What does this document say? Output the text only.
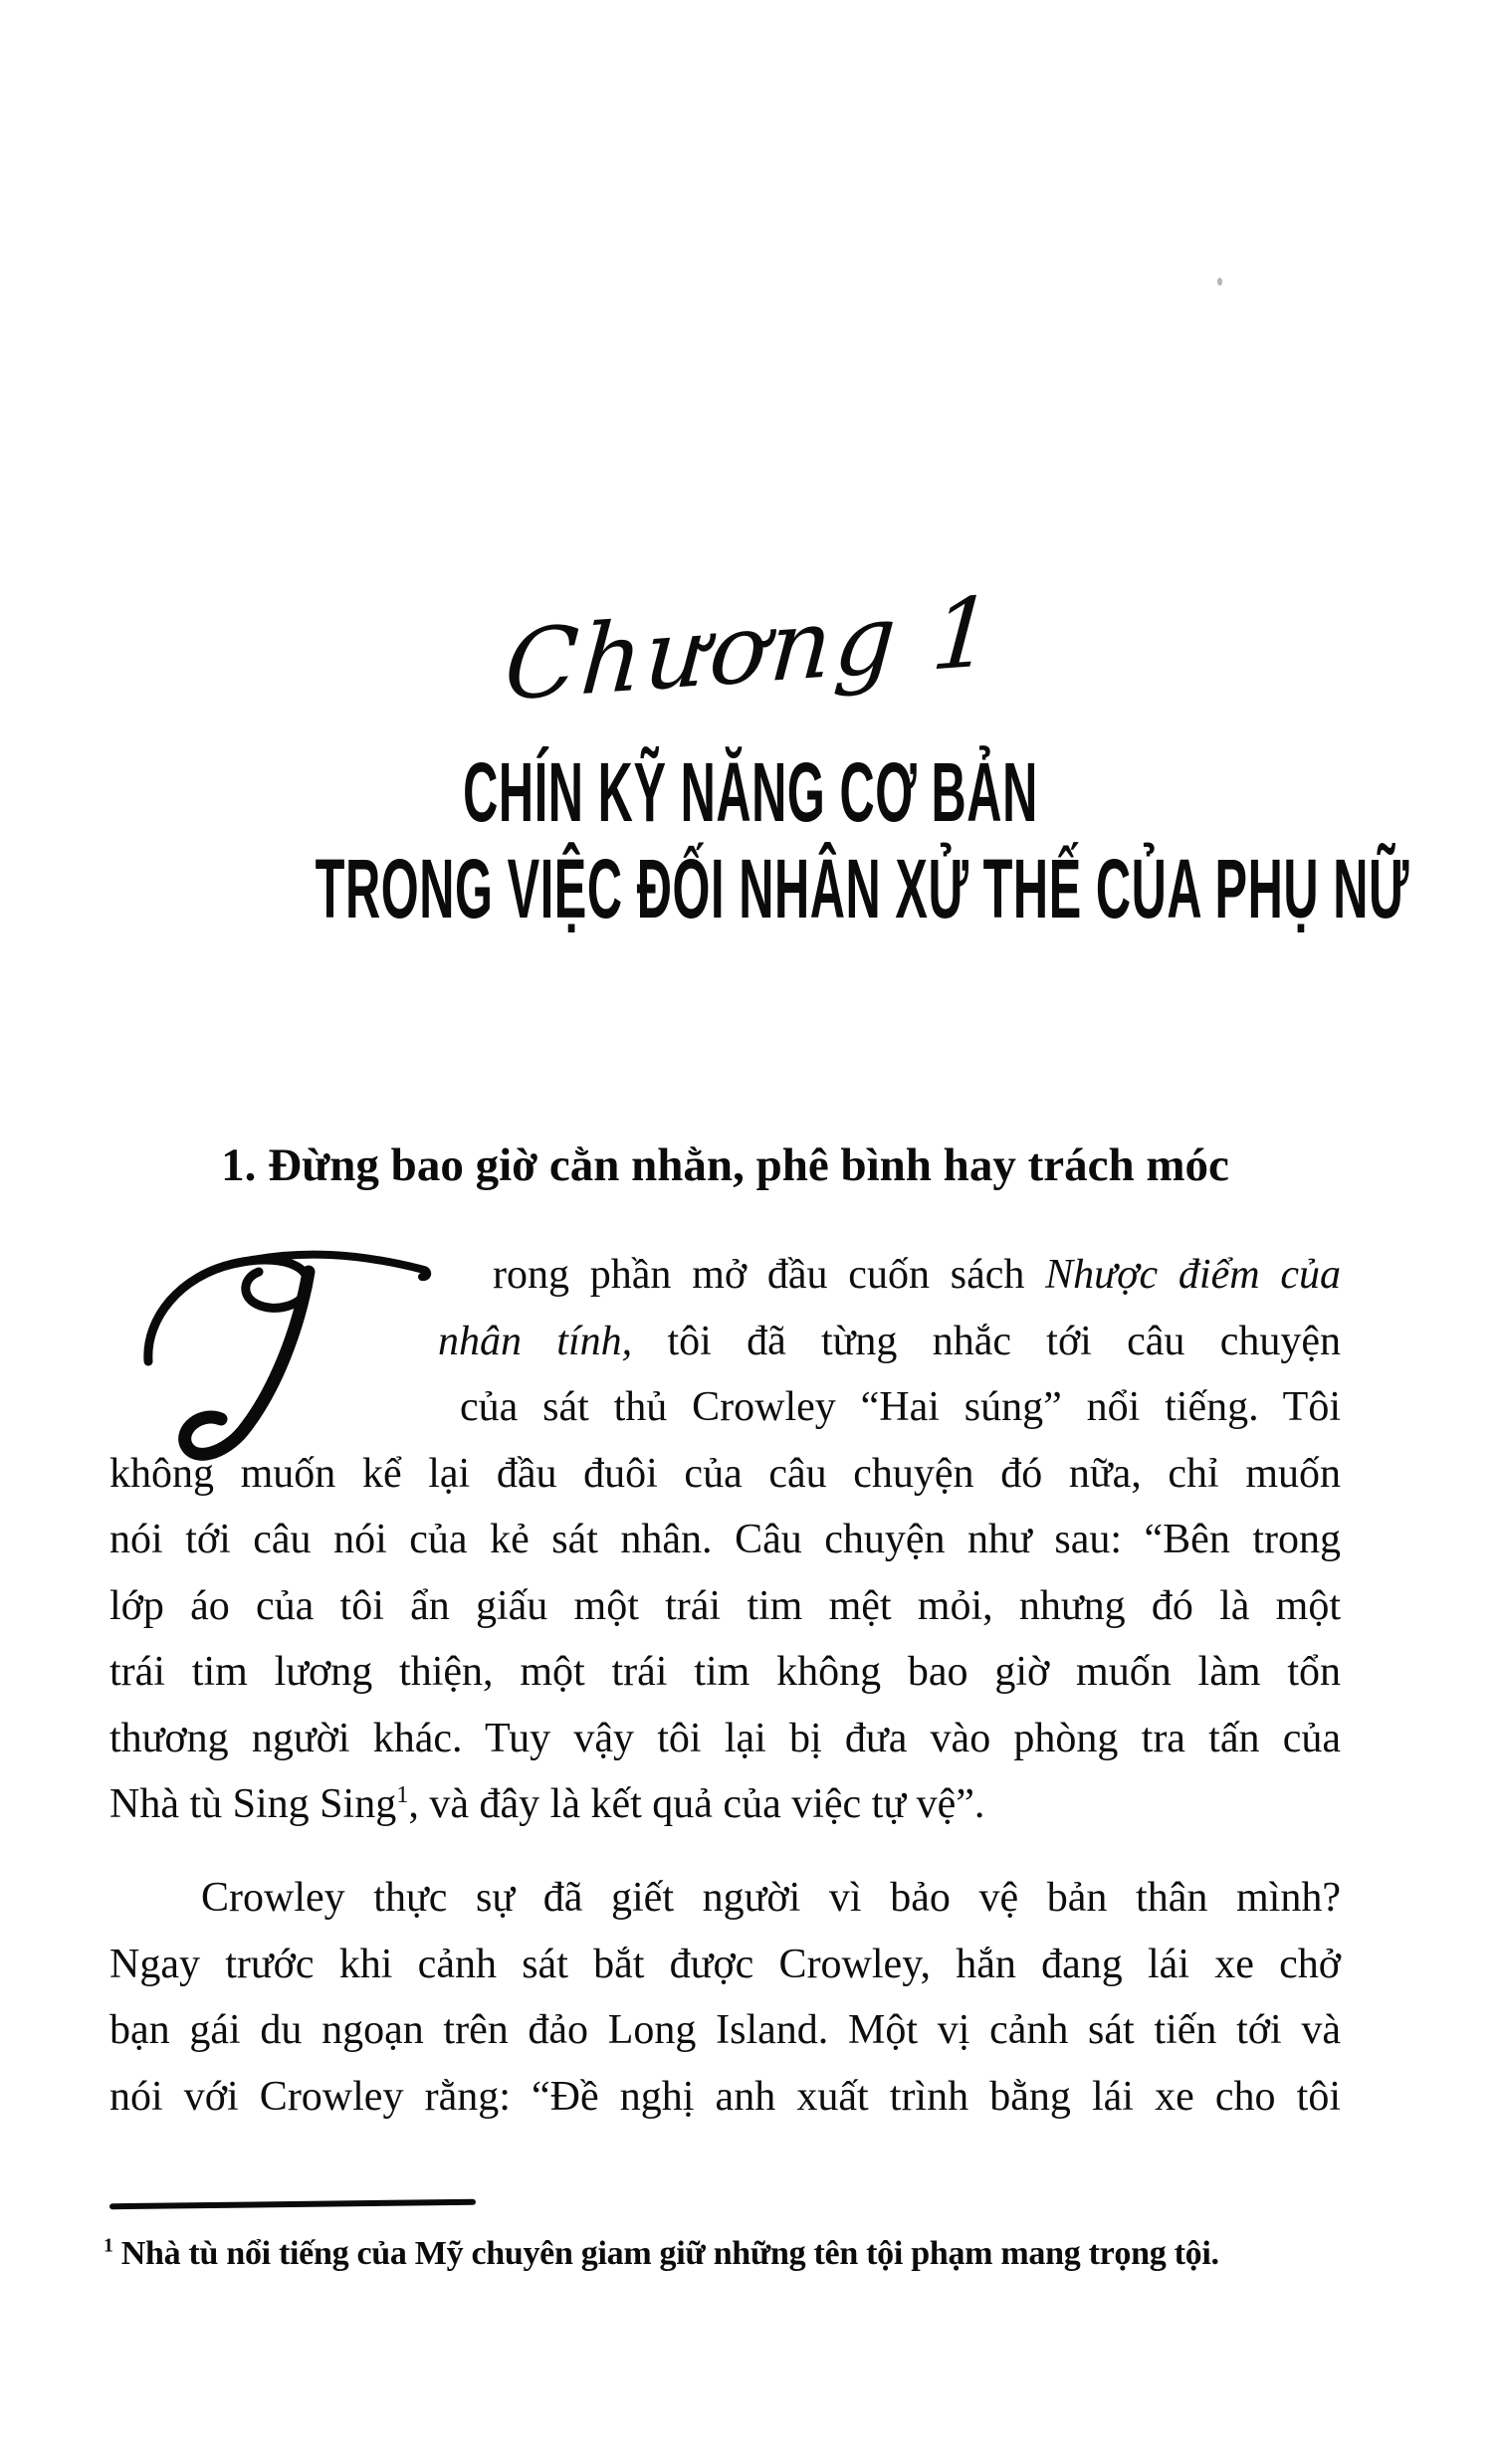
Chương 1
CHÍN KỸ NĂNG CƠ BẢN
TRONG VIỆC ĐỐI NHÂN XỬ THẾ CỦA PHỤ NỮ
1. Đừng bao giờ cằn nhằn, phê bình hay trách móc
rong phần mở đầu cuốn sách Nhược điểm của
nhân tính, tôi đã từng nhắc tới câu chuyện
của sát thủ Crowley “Hai súng” nổi tiếng. Tôi
không muốn kể lại đầu đuôi của câu chuyện đó nữa, chỉ muốn
nói tới câu nói của kẻ sát nhân. Câu chuyện như sau: “Bên trong
lớp áo của tôi ẩn giấu một trái tim mệt mỏi, nhưng đó là một
trái tim lương thiện, một trái tim không bao giờ muốn làm tổn
thương người khác. Tuy vậy tôi lại bị đưa vào phòng tra tấn của
Nhà tù Sing Sing$^1$, và đây là kết quả của việc tự vệ”.
Crowley thực sự đã giết người vì bảo vệ bản thân mình?
Ngay trước khi cảnh sát bắt được Crowley, hắn đang lái xe chở
bạn gái du ngoạn trên đảo Long Island. Một vị cảnh sát tiến tới và
nói với Crowley rằng: “Đề nghị anh xuất trình bằng lái xe cho tôi
$^1$ Nhà tù nổi tiếng của Mỹ chuyên giam giữ những tên tội phạm mang trọng tội.
